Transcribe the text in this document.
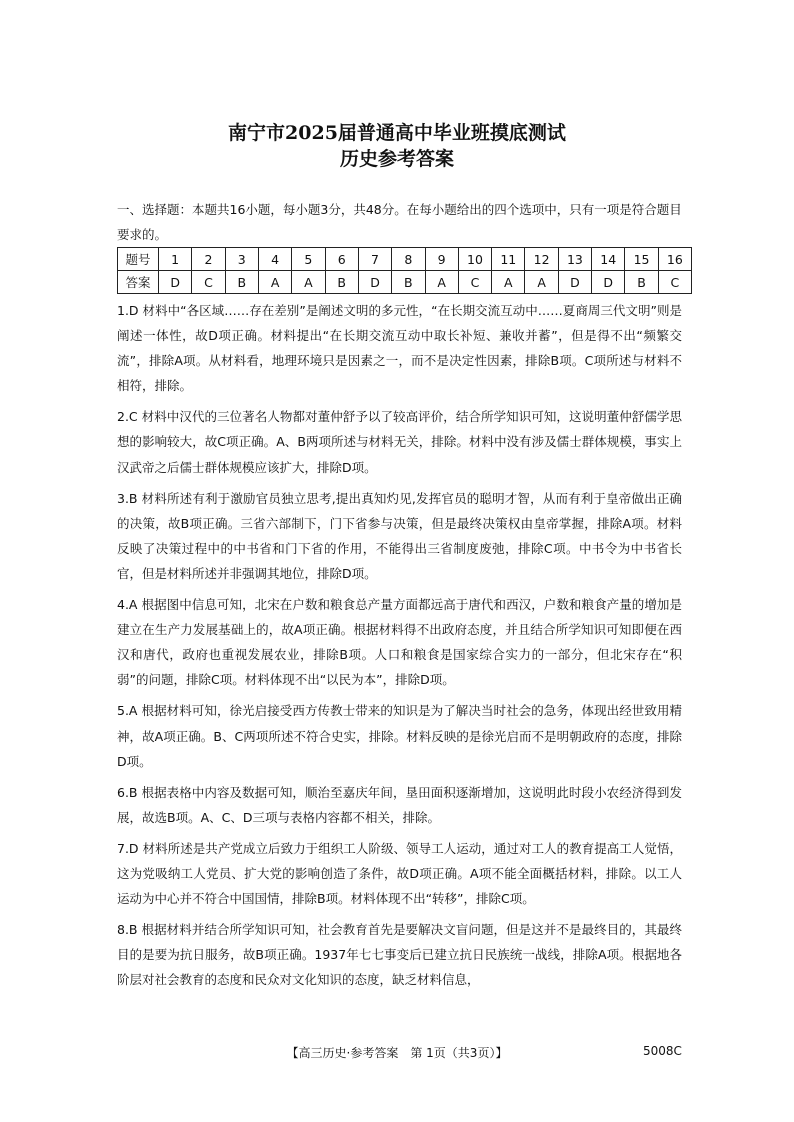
南宁市2025届普通高中毕业班摸底测试
历史参考答案
一、选择题：本题共16小题，每小题3分，共48分。在每小题给出的四个选项中，只有一项是符合题目要求的。
题号	1	2	3	4	5	6	7	8	9	10	11	12	13	14	15	16
答案	D	C	B	A	A	B	D	B	A	C	A	A	D	D	B	C

1.D 材料中“各区域……存在差别”是阐述文明的多元性，“在长期交流互动中……夏商周三代文明”则是阐述一体性，故D项正确。材料提出“在长期交流互动中取长补短、兼收并蓄”，但是得不出“频繁交流”，排除A项。从材料看，地理环境只是因素之一，而不是决定性因素，排除B项。C项所述与材料不相符，排除。

2.C 材料中汉代的三位著名人物都对董仲舒予以了较高评价，结合所学知识可知，这说明董仲舒儒学思想的影响较大，故C项正确。A、B两项所述与材料无关，排除。材料中没有涉及儒士群体规模，事实上汉武帝之后儒士群体规模应该扩大，排除D项。

3.B 材料所述有利于激励官员独立思考,提出真知灼见,发挥官员的聪明才智，从而有利于皇帝做出正确的决策，故B项正确。三省六部制下，门下省参与决策，但是最终决策权由皇帝掌握，排除A项。材料反映了决策过程中的中书省和门下省的作用，不能得出三省制度废弛，排除C项。中书令为中书省长官，但是材料所述并非强调其地位，排除D项。

4.A 根据图中信息可知，北宋在户数和粮食总产量方面都远高于唐代和西汉，户数和粮食产量的增加是建立在生产力发展基础上的，故A项正确。根据材料得不出政府态度，并且结合所学知识可知即便在西汉和唐代，政府也重视发展农业，排除B项。人口和粮食是国家综合实力的一部分，但北宋存在“积弱”的问题，排除C项。材料体现不出“以民为本”，排除D项。

5.A 根据材料可知，徐光启接受西方传教士带来的知识是为了解决当时社会的急务，体现出经世致用精神，故A项正确。B、C两项所述不符合史实，排除。材料反映的是徐光启而不是明朝政府的态度，排除D项。

6.B 根据表格中内容及数据可知，顺治至嘉庆年间，垦田面积逐渐增加，这说明此时段小农经济得到发展，故选B项。A、C、D三项与表格内容都不相关，排除。

7.D 材料所述是共产党成立后致力于组织工人阶级、领导工人运动，通过对工人的教育提高工人觉悟，这为党吸纳工人党员、扩大党的影响创造了条件，故D项正确。A项不能全面概括材料，排除。以工人运动为中心并不符合中国国情，排除B项。材料体现不出“转移”，排除C项。

8.B 根据材料并结合所学知识可知，社会教育首先是要解决文盲问题，但是这并不是最终目的，其最终目的是要为抗日服务，故B项正确。1937年七七事变后已建立抗日民族统一战线，排除A项。根据地各阶层对社会教育的态度和民众对文化知识的态度，缺乏材料信息，

【高三历史·参考答案　第 1页（共3页）】	5008C
